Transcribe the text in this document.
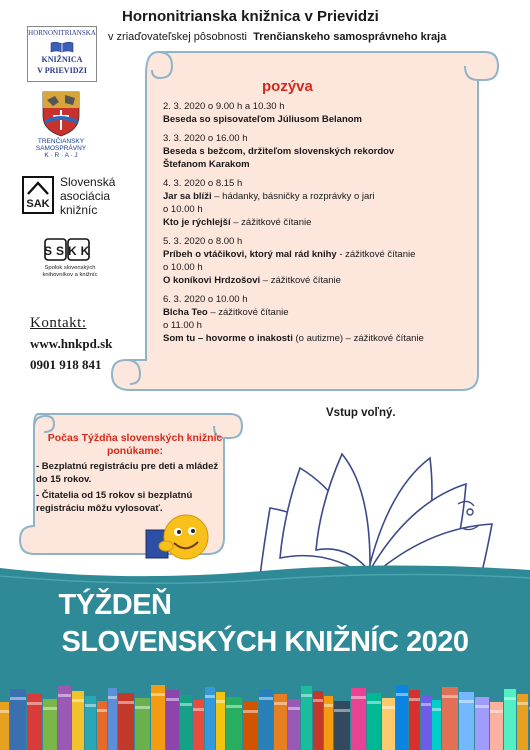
Hornonitrianska knižnica v Prievidzi
v zriaďovateľskej pôsobnosti Trenčianskeho samosprávneho kraja
HORNONITRIANSKA
KNIŽNICA
V PRIEVIDZI
TRENČIANSKY
SAMOSPRÁVNY
K · R · A · J
SAK
Slovenská
asociácia
knižníc
SSKK
Spolok slovenských
knihovníkov a knižníc
Kontakt:
www.hnkpd.sk
0901 918 841
pozýva
2. 3. 2020 o 9.00 h a 10.30 h
Beseda so spisovateľom Júliusom Belanom
3. 3. 2020 o 16.00 h
Beseda s bežcom, držiteľom slovenských rekordov
Štefanom Karakom
4. 3. 2020 o 8.15 h
Jar sa blíži – hádanky, básničky a rozprávky o jari
o 10.00 h
Kto je rýchlejší – zážitkové čítanie
5. 3. 2020 o 8.00 h
Príbeh o vtáčikovi, ktorý mal rád knihy - zážitkové čítanie
o 10.00 h
O koníkovi Hrdzošovi – zážitkové čítanie
6. 3. 2020 o 10.00 h
Blcha Teo – zážitkové čítanie
o 11.00 h
Som tu – hovorme o inakosti (o autizme) – zážitkové čítanie
Vstup voľný.
Počas Týždňa slovenských knižníc
ponúkame:
- Bezplatnú registráciu pre deti a mládež do 15 rokov.
- Čitatelia od 15 rokov si bezplatnú registráciu môžu vylosovať.
TÝŽDEŇ
SLOVENSKÝCH KNIŽNÍC 2020
